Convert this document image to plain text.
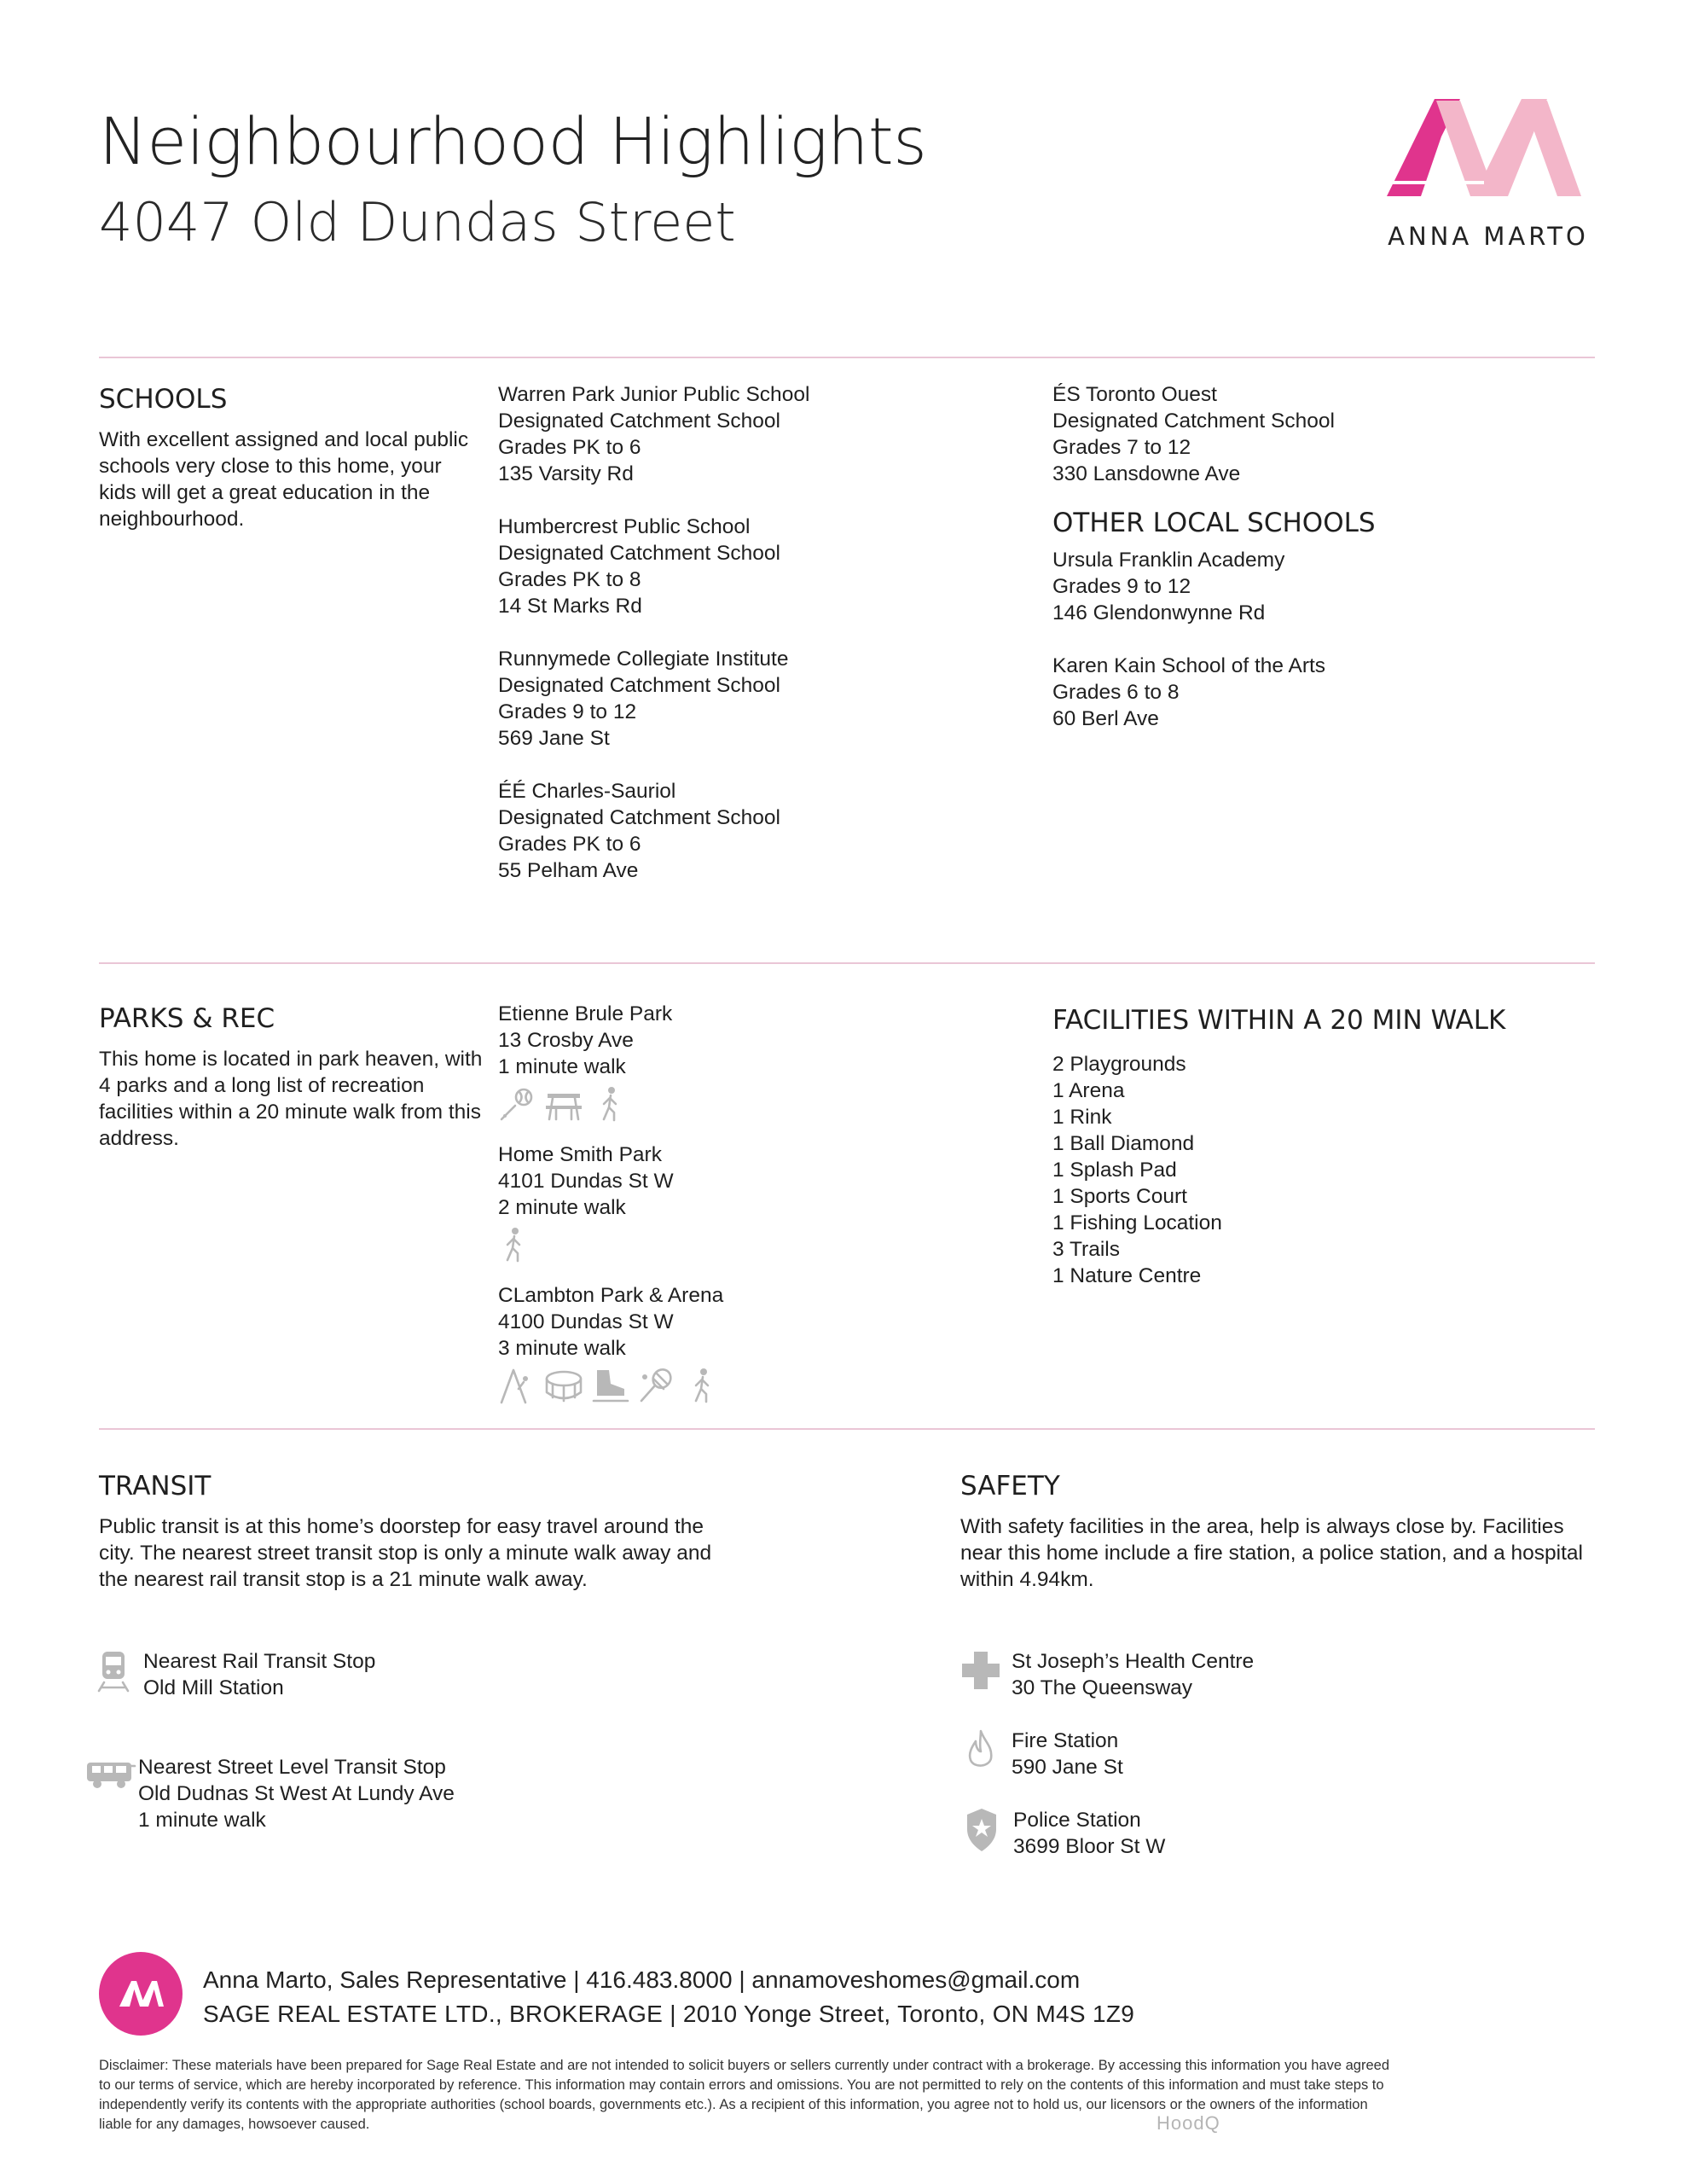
Neighbourhood Highlights
4047 Old Dundas Street	ANNA MARTO
SCHOOLS

With excellent assigned and local public schools very close to this home, your kids will get a great education in the neighbourhood.

Warren Park Junior Public School
Designated Catchment School
Grades PK to 6
135 Varsity Rd
Humbercrest Public School
Designated Catchment School
Grades PK to 8
14 St Marks Rd
Runnymede Collegiate Institute
Designated Catchment School
Grades 9 to 12
569 Jane St
ÉÉ Charles-Sauriol
Designated Catchment School
Grades PK to 6
55 Pelham Ave
ÉS Toronto Ouest
Designated Catchment School
Grades 7 to 12
330 Lansdowne Ave
OTHER LOCAL SCHOOLS
Ursula Franklin Academy
Grades 9 to 12
146 Glendonwynne Rd
Karen Kain School of the Arts
Grades 6 to 8
60 Berl Ave
PARKS & REC

This home is located in park heaven, with 4 parks and a long list of recreation facilities within a 20 minute walk from this address.

Etienne Brule Park
13 Crosby Ave
1 minute walk
Home Smith Park
4101 Dundas St W
2 minute walk
CLambton Park & Arena
4100 Dundas St W
3 minute walk
FACILITIES WITHIN A 20 MIN WALK
2 Playgrounds
1 Arena
1 Rink
1 Ball Diamond
1 Splash Pad
1 Sports Court
1 Fishing Location
3 Trails
1 Nature Centre
TRANSIT

Public transit is at this home’s doorstep for easy travel around the city. The nearest street transit stop is only a minute walk away and the nearest rail transit stop is a 21 minute walk away.

Nearest Rail Transit Stop
Old Mill Station
Nearest Street Level Transit Stop
Old Dudnas St West At Lundy Ave
1 minute walk
SAFETY

With safety facilities in the area, help is always close by. Facilities near this home include a fire station, a police station, and a hospital within 4.94km.

St Joseph’s Health Centre
30 The Queensway
Fire Station
590 Jane St
Police Station
3699 Bloor St W
Anna Marto, Sales Representative | 416.483.8000 | annamoveshomes@gmail.com
SAGE REAL ESTATE LTD., BROKERAGE | 2010 Yonge Street, Toronto, ON M4S 1Z9
Disclaimer: These materials have been prepared for Sage Real Estate and are not intended to solicit buyers or sellers currently under contract with a brokerage. By accessing this information you have agreed to our terms of service, which are hereby incorporated by reference. This information may contain errors and omissions. You are not permitted to rely on the contents of this information and must take steps to independently verify its contents with the appropriate authorities (school boards, governments etc.). As a recipient of this information, you agree not to hold us, our licensors or the owners of the information liable for any damages, howsoever caused.	HoodQ
